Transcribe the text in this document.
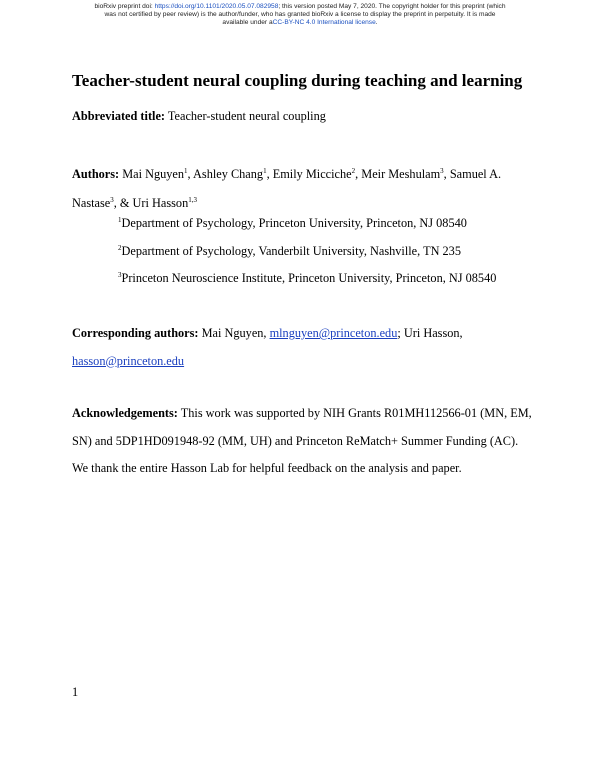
bioRxiv preprint doi: https://doi.org/10.1101/2020.05.07.082958; this version posted May 7, 2020. The copyright holder for this preprint (which
was not certified by peer review) is the author/funder, who has granted bioRxiv a license to display the preprint in perpetuity. It is made
available under aCC-BY-NC 4.0 International license.
Teacher-student neural coupling during teaching and learning
Abbreviated title: Teacher-student neural coupling
Authors: Mai Nguyen$^1$, Ashley Chang$^1$, Emily Micciche$^2$, Meir Meshulam$^3$, Samuel A. Nastase$^3$, & Uri Hasson$^{1,3}$
$^1$Department of Psychology, Princeton University, Princeton, NJ 08540
$^2$Department of Psychology, Vanderbilt University, Nashville, TN 235
$^3$Princeton Neuroscience Institute, Princeton University, Princeton, NJ 08540
Corresponding authors: Mai Nguyen, mlnguyen@princeton.edu; Uri Hasson,
hasson@princeton.edu
Acknowledgements: This work was supported by NIH Grants R01MH112566-01 (MN, EM, SN) and 5DP1HD091948-92 (MM, UH) and Princeton ReMatch+ Summer Funding (AC). We thank the entire Hasson Lab for helpful feedback on the analysis and paper.
1
